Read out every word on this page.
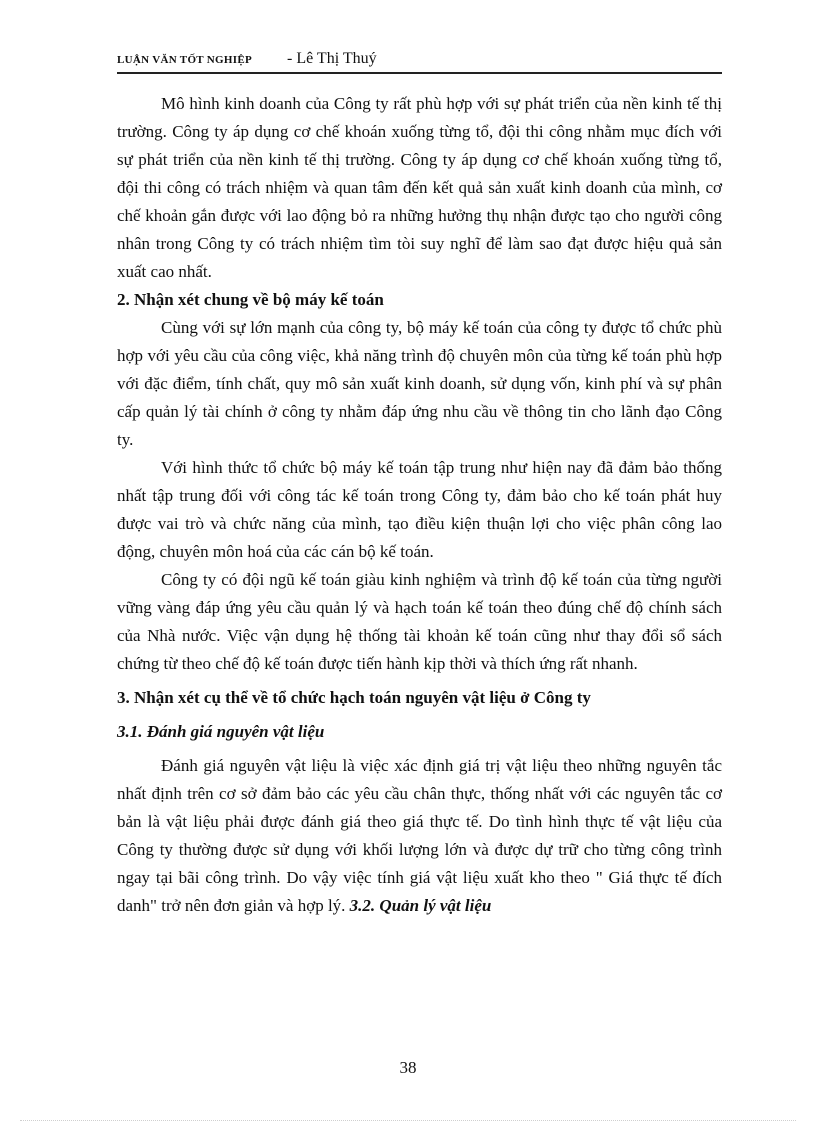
LUẬN VĂN TỐT NGHIỆP - Lê Thị Thuý

Mô hình kinh doanh của Công ty rất phù hợp với sự phát triển của nền kinh tế thị trường. Công ty áp dụng cơ chế khoán xuống từng tổ, đội thi công nhằm mục đích với sự phát triển của nền kinh tế thị trường. Công ty áp dụng cơ chế khoán xuống từng tổ, đội thi công có trách nhiệm và quan tâm đến kết quả sản xuất kinh doanh của mình, cơ chế khoản gắn được với lao động bỏ ra những hưởng thụ nhận được tạo cho người công nhân trong Công ty có trách nhiệm tìm tòi suy nghĩ để làm sao đạt được hiệu quả sản xuất cao nhất.

2. Nhận xét chung về bộ máy kế toán

Cùng với sự lớn mạnh của công ty, bộ máy kế toán của công ty được tổ chức phù hợp với yêu cầu của công việc, khả năng trình độ chuyên môn của từng kế toán phù hợp với đặc điểm, tính chất, quy mô sản xuất kinh doanh, sử dụng vốn, kinh phí và sự phân cấp quản lý tài chính ở công ty nhằm đáp ứng nhu cầu về thông tin cho lãnh đạo Công ty.

Với hình thức tổ chức bộ máy kế toán tập trung như hiện nay đã đảm bảo thống nhất tập trung đối với công tác kế toán trong Công ty, đảm bảo cho kế toán phát huy được vai trò và chức năng của mình, tạo điều kiện thuận lợi cho việc phân công lao động, chuyên môn hoá của các cán bộ kế toán.

Công ty có đội ngũ kế toán giàu kinh nghiệm và trình độ kế toán của từng người vững vàng đáp ứng yêu cầu quản lý và hạch toán kế toán theo đúng chế độ chính sách của Nhà nước. Việc vận dụng hệ thống tài khoản kế toán cũng như thay đổi sổ sách chứng từ theo chế độ kế toán được tiến hành kịp thời và thích ứng rất nhanh.

3. Nhận xét cụ thể về tổ chức hạch toán nguyên vật liệu ở Công ty
3.1. Đánh giá nguyên vật liệu

Đánh giá nguyên vật liệu là việc xác định giá trị vật liệu theo những nguyên tắc nhất định trên cơ sở đảm bảo các yêu cầu chân thực, thống nhất với các nguyên tắc cơ bản là vật liệu phải được đánh giá theo giá thực tế. Do tình hình thực tế vật liệu của Công ty thường được sử dụng với khối lượng lớn và được dự trữ cho từng công trình ngay tại bãi công trình. Do vậy việc tính giá vật liệu xuất kho theo " Giá thực tế đích danh" trở nên đơn giản và hợp lý. 3.2. Quản lý vật liệu

38
